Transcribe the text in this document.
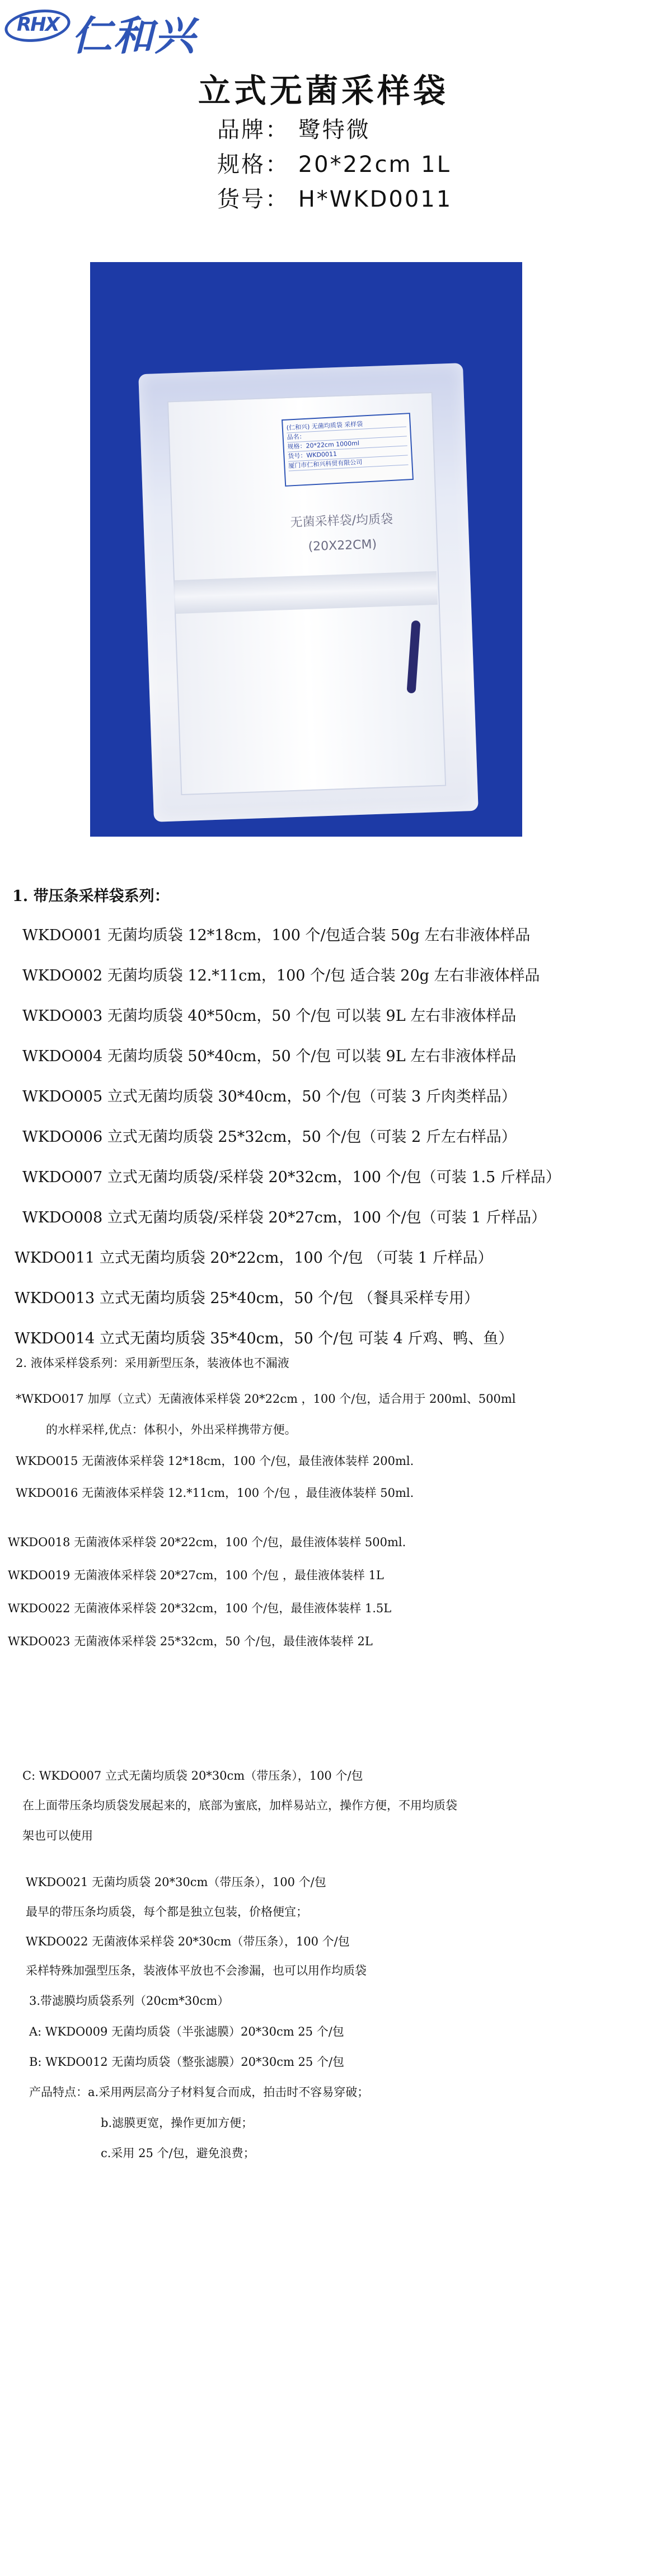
RHX 仁和兴
立式无菌采样袋
品牌： 鹭特微
规格： 20*22cm 1L
货号： H*WKD0011
(仁和兴) 无菌均质袋 采样袋
品名：
规格：20*22cm 1000ml
货号：WKD0011
厦门市仁和兴科贸有限公司
无菌采样袋/均质袋
(20X22CM)
1. 带压条采样袋系列：
WKDO001 无菌均质袋 12*18cm，100 个/包适合装 50g 左右非液体样品
WKDO002 无菌均质袋 12.*11cm，100 个/包 适合装 20g 左右非液体样品
WKDO003 无菌均质袋 40*50cm，50 个/包 可以装 9L 左右非液体样品
WKDO004 无菌均质袋 50*40cm，50 个/包 可以装 9L 左右非液体样品
WKDO005 立式无菌均质袋 30*40cm，50 个/包（可装 3 斤肉类样品）
WKDO006 立式无菌均质袋 25*32cm，50 个/包（可装 2 斤左右样品）
WKDO007 立式无菌均质袋/采样袋 20*32cm，100 个/包（可装 1.5 斤样品）
WKDO008 立式无菌均质袋/采样袋 20*27cm，100 个/包（可装 1 斤样品）
WKDO011 立式无菌均质袋 20*22cm，100 个/包 （可装 1 斤样品）
WKDO013 立式无菌均质袋 25*40cm，50 个/包 （餐具采样专用）
WKDO014 立式无菌均质袋 35*40cm，50 个/包 可装 4 斤鸡、鸭、鱼）
2. 液体采样袋系列：采用新型压条，装液体也不漏液
*WKDO017 加厚（立式）无菌液体采样袋 20*22cm ，100 个/包，适合用于 200ml、500ml
的水样采样,优点：体积小，外出采样携带方便。
WKDO015 无菌液体采样袋 12*18cm，100 个/包，最佳液体装样 200ml.
WKDO016 无菌液体采样袋 12.*11cm，100 个/包 ，最佳液体装样 50ml.
WKDO018 无菌液体采样袋 20*22cm，100 个/包，最佳液体装样 500ml.
WKDO019 无菌液体采样袋 20*27cm，100 个/包 ，最佳液体装样 1L
WKDO022 无菌液体采样袋 20*32cm，100 个/包，最佳液体装样 1.5L
WKDO023 无菌液体采样袋 25*32cm，50 个/包，最佳液体装样 2L
C: WKDO007 立式无菌均质袋 20*30cm（带压条），100 个/包
在上面带压条均质袋发展起来的，底部为蜜底，加样易站立，操作方便，不用均质袋
架也可以使用
WKDO021 无菌均质袋 20*30cm（带压条），100 个/包
最早的带压条均质袋，每个都是独立包装，价格便宜；
WKDO022 无菌液体采样袋 20*30cm（带压条），100 个/包
采样特殊加强型压条，装液体平放也不会渗漏，也可以用作均质袋
3.带滤膜均质袋系列（20cm*30cm）
A: WKDO009 无菌均质袋（半张滤膜）20*30cm 25 个/包
B: WKDO012 无菌均质袋（整张滤膜）20*30cm 25 个/包
产品特点：a.采用两层高分子材料复合而成，拍击时不容易穿破；
b.滤膜更宽，操作更加方便；
c.采用 25 个/包，避免浪费；
